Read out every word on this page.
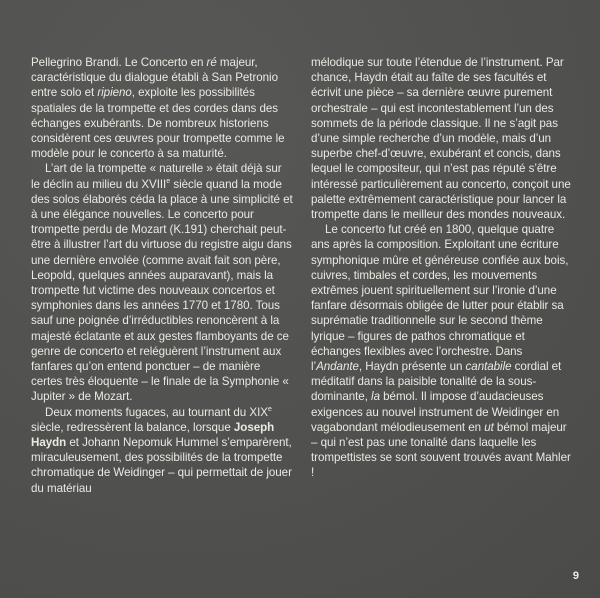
Pellegrino Brandi. Le Concerto en ré majeur, caractéristique du dialogue établi à San Petronio entre solo et ripieno, exploite les possibilités spatiales de la trompette et des cordes dans des échanges exubérants. De nombreux historiens considèrent ces œuvres pour trompette comme le modèle pour le concerto à sa maturité.

L’art de la trompette « naturelle » était déjà sur le déclin au milieu du XVIIIe siècle quand la mode des solos élaborés céda la place à une simplicité et à une élégance nouvelles. Le concerto pour trompette perdu de Mozart (K.191) cherchait peut-être à illustrer l’art du virtuose du registre aigu dans une dernière envolée (comme avait fait son père, Leopold, quelques années auparavant), mais la trompette fut victime des nouveaux concertos et symphonies dans les années 1770 et 1780. Tous sauf une poignée d’irréductibles renoncèrent à la majesté éclatante et aux gestes flamboyants de ce genre de concerto et reléguèrent l’instrument aux fanfares qu’on entend ponctuer – de manière certes très éloquente – le finale de la Symphonie « Jupiter » de Mozart.

Deux moments fugaces, au tournant du XIXe siècle, redressèrent la balance, lorsque Joseph Haydn et Johann Nepomuk Hummel s’emparèrent, miraculeusement, des possibilités de la trompette chromatique de Weidinger – qui permettait de jouer du matériau

mélodique sur toute l’étendue de l’instrument. Par chance, Haydn était au faîte de ses facultés et écrivit une pièce – sa dernière œuvre purement orchestrale – qui est incontestablement l’un des sommets de la période classique. Il ne s’agit pas d’une simple recherche d’un modèle, mais d’un superbe chef-d’œuvre, exubérant et concis, dans lequel le compositeur, qui n’est pas réputé s’être intéressé particulièrement au concerto, conçoit une palette extrêmement caractéristique pour lancer la trompette dans le meilleur des mondes nouveaux.

Le concerto fut créé en 1800, quelque quatre ans après la composition. Exploitant une écriture symphonique mûre et généreuse confiée aux bois, cuivres, timbales et cordes, les mouvements extrêmes jouent spirituellement sur l’ironie d’une fanfare désormais obligée de lutter pour établir sa suprématie traditionnelle sur le second thème lyrique – figures de pathos chromatique et échanges flexibles avec l’orchestre. Dans l’Andante, Haydn présente un cantabile cordial et méditatif dans la paisible tonalité de la sous-dominante, la bémol. Il impose d’audacieuses exigences au nouvel instrument de Weidinger en vagabondant mélodieusement en ut bémol majeur – qui n’est pas une tonalité dans laquelle les trompettistes se sont souvent trouvés avant Mahler !

9
